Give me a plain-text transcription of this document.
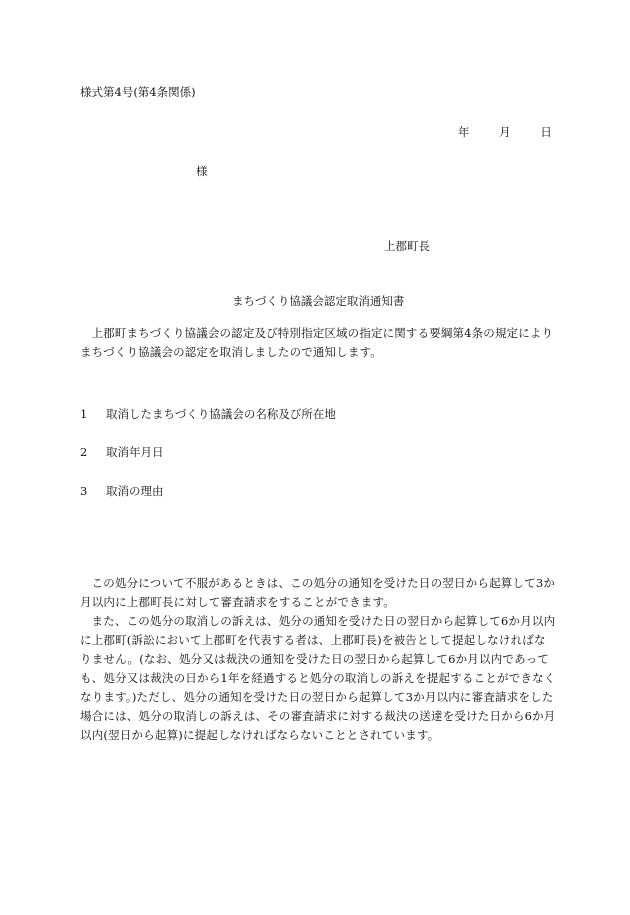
様式第4号(第4条関係)
年	月	日
様
上郡町長
まちづくり協議会認定取消通知書
上郡町まちづくり協議会の認定及び特別指定区域の指定に関する要綱第4条の規定によりまちづくり協議会の認定を取消しましたので通知します。
1 取消したまちづくり協議会の名称及び所在地
2 取消年月日
3 取消の理由

この処分について不服があるときは、この処分の通知を受けた日の翌日から起算して3か月以内に上郡町長に対して審査請求をすることができます。

また、この処分の取消しの訴えは、処分の通知を受けた日の翌日から起算して6か月以内に上郡町(訴訟において上郡町を代表する者は、上郡町長)を被告として提起しなければなりません。(なお、処分又は裁決の通知を受けた日の翌日から起算して6か月以内であっても、処分又は裁決の日から1年を経過すると処分の取消しの訴えを提起することができなくなります。)ただし、処分の通知を受けた日の翌日から起算して3か月以内に審査請求をした場合には、処分の取消しの訴えは、その審査請求に対する裁決の送達を受けた日から6か月以内(翌日から起算)に提起しなければならないこととされています。
